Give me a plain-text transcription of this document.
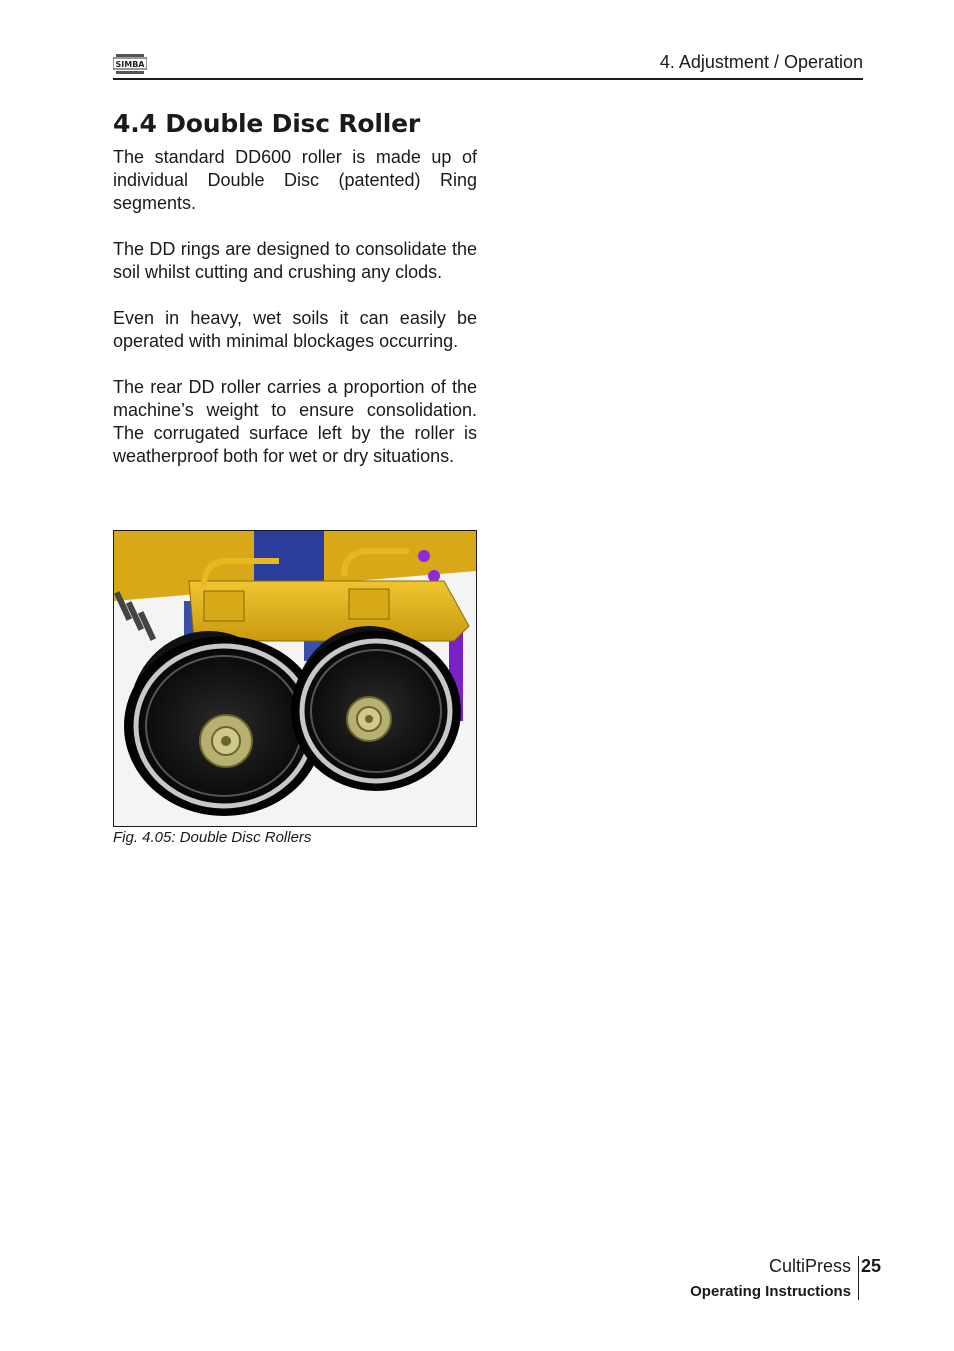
SIMBA	4. Adjustment / Operation
4.4 Double Disc Roller

The standard DD600 roller is made up of individual Double Disc (patented) Ring segments.

The DD rings are designed to consolidate the soil whilst cutting and crushing any clods.

Even in heavy, wet soils it can easily be operated with minimal blockages occurring.

The rear DD roller carries a proportion of the machine’s weight to ensure consolidation. The corrugated surface left by the roller is weatherproof both for wet or dry situations.

Fig. 4.05: Double Disc Rollers
CultiPress 25
Operating Instructions
